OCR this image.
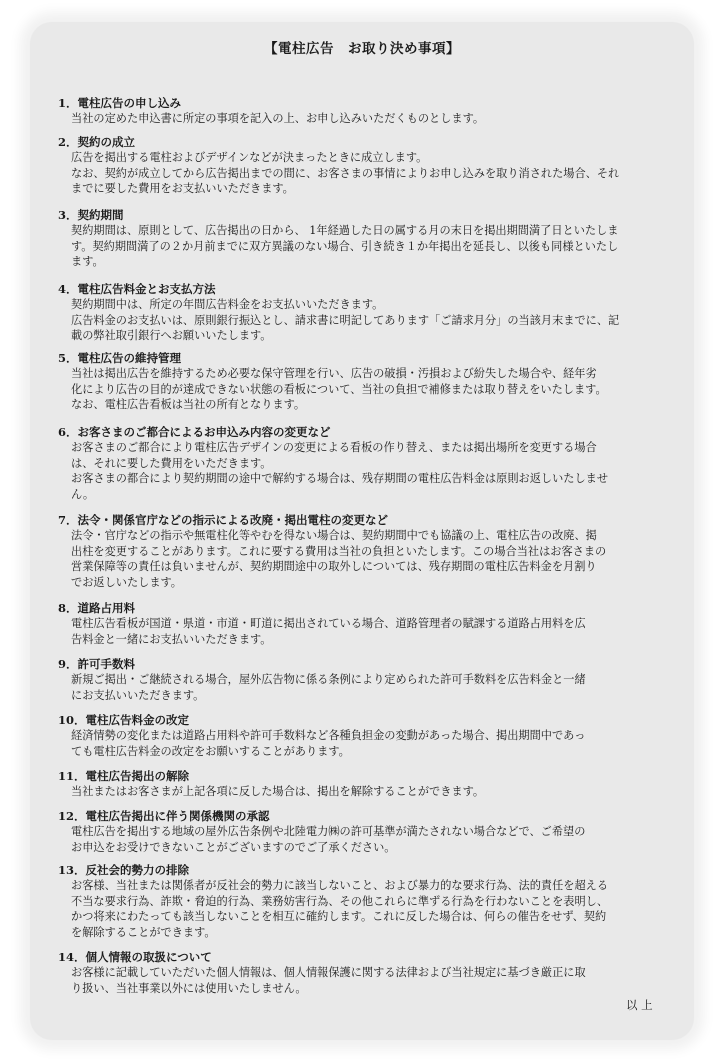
【電柱広告　お取り決め事項】
1．電柱広告の申し込み
当社の定めた申込書に所定の事項を記入の上、お申し込みいただくものとします。
2．契約の成立
広告を掲出する電柱およびデザインなどが決まったときに成立します。
なお、契約が成立してから広告掲出までの間に、お客さまの事情によりお申し込みを取り消された場合、それ
までに要した費用をお支払いいただきます。
3．契約期間
契約期間は、原則として、広告掲出の日から、 1年経過した日の属する月の末日を掲出期間満了日といたしま
す。契約期間満了の２か月前までに双方異議のない場合、引き続き１か年掲出を延長し、以後も同様といたし
ます。
4．電柱広告料金とお支払方法
契約期間中は、所定の年間広告料金をお支払いいただきます。
広告料金のお支払いは、原則銀行振込とし、請求書に明記してあります「ご請求月分」の当該月末までに、記
載の弊社取引銀行へお願いいたします。
5．電柱広告の維持管理
当社は掲出広告を維持するため必要な保守管理を行い、広告の破損・汚損および紛失した場合や、経年劣
化により広告の目的が達成できない状態の看板について、当社の負担で補修または取り替えをいたします。
なお、電柱広告看板は当社の所有となります。
6．お客さまのご都合によるお申込み内容の変更など
お客さまのご都合により電柱広告デザインの変更による看板の作り替え、または掲出場所を変更する場合
は、それに要した費用をいただきます。
お客さまの都合により契約期間の途中で解約する場合は、残存期間の電柱広告料金は原則お返しいたしませ
ん。
7．法令・関係官庁などの指示による改廃・掲出電柱の変更など
法令・官庁などの指示や無電柱化等やむを得ない場合は、契約期間中でも協議の上、電柱広告の改廃、掲
出柱を変更することがあります。これに要する費用は当社の負担といたします。この場合当社はお客さまの
営業保障等の責任は負いませんが、契約期間途中の取外しについては、残存期間の電柱広告料金を月割り
でお返しいたします。
8．道路占用料
電柱広告看板が国道・県道・市道・町道に掲出されている場合、道路管理者の賦課する道路占用料を広
告料金と一緒にお支払いいただきます。
9．許可手数料
新規ご掲出・ご継続される場合，屋外広告物に係る条例により定められた許可手数料を広告料金と一緒
にお支払いいただきます。
10．電柱広告料金の改定
経済情勢の変化または道路占用料や許可手数料など各種負担金の変動があった場合、掲出期間中であっ
ても電柱広告料金の改定をお願いすることがあります。
11．電柱広告掲出の解除
当社またはお客さまが上記各項に反した場合は、掲出を解除することができます。
12．電柱広告掲出に伴う関係機関の承認
電柱広告を掲出する地域の屋外広告条例や北陸電力㈱の許可基準が満たされない場合などで、ご希望の
お申込をお受けできないことがございますのでご了承ください。
13．反社会的勢力の排除
お客様、当社または関係者が反社会的勢力に該当しないこと、および暴力的な要求行為、法的責任を超える
不当な要求行為、詐欺・脅迫的行為、業務妨害行為、その他これらに準ずる行為を行わないことを表明し、
かつ将来にわたっても該当しないことを相互に確約します。これに反した場合は、何らの催告をせず、契約
を解除することができます。
14．個人情報の取扱について
お客様に記載していただいた個人情報は、個人情報保護に関する法律および当社規定に基づき厳正に取
り扱い、当社事業以外には使用いたしません。
以 上
